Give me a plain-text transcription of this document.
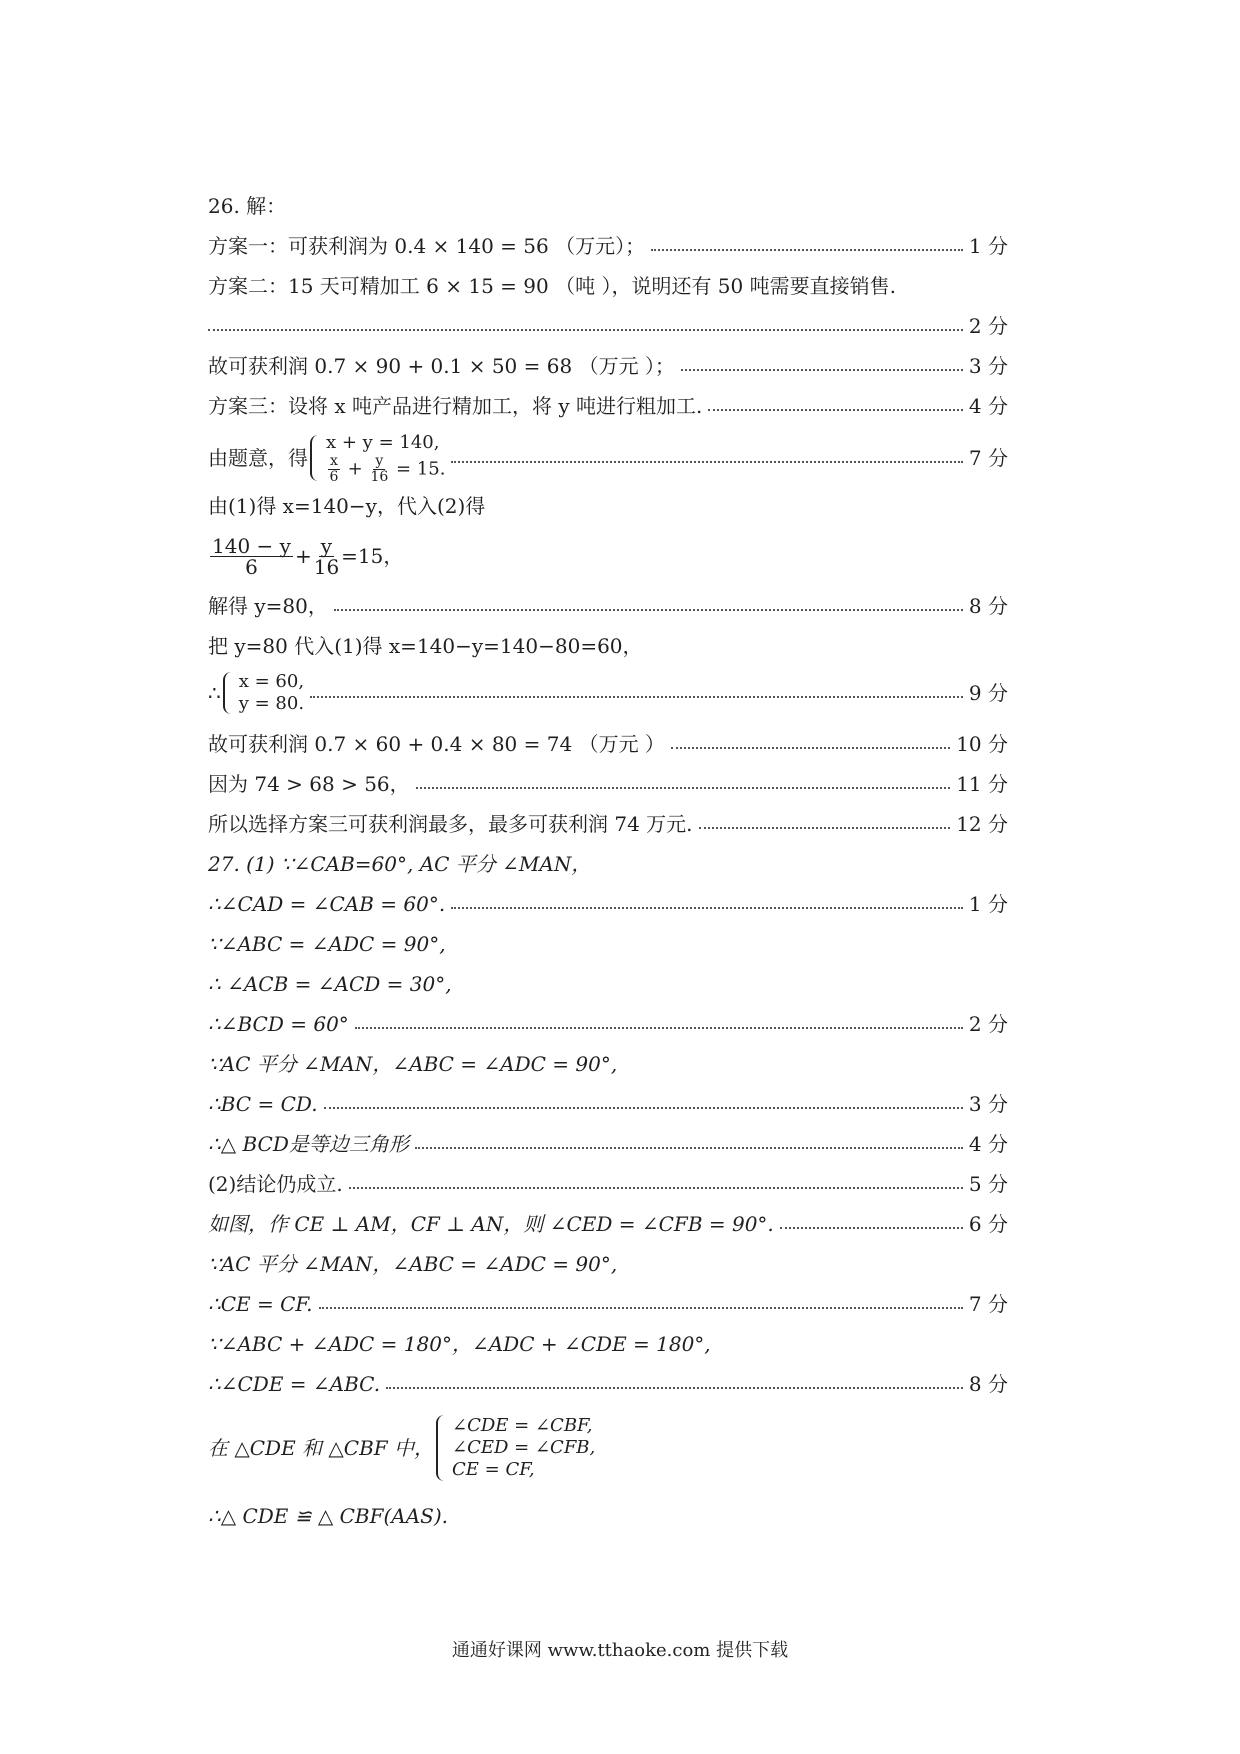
26. 解：
方案一：可获利润为 0.4 × 140 = 56 （万元）；	1 分
方案二：15 天可精加工 6 × 15 = 90 （吨 ），说明还有 50 吨需要直接销售.
2 分
故可获利润 0.7 × 90 + 0.1 × 50 = 68 （万元 ）；	3 分
方案三：设将 x 吨产品进行精加工，将 y 吨进行粗加工.	4 分
由题意，得
x + y = 140,
$\frac{x}{6} + \frac{y}{16} = 15$.	7 分
由(1)得 x=140−y，代入(2)得
$\frac{140 - y}{6} + \frac{y}{16} =15$，
解得 y=80，	8 分
把 y=80 代入(1)得 x=140−y=140−80=60，
∴ x = 60,
y = 80.	9 分
故可获利润 0.7 × 60 + 0.4 × 80 = 74 （万元 ）	10 分
因为 74 > 68 > 56，	11 分
所以选择方案三可获利润最多，最多可获利润 74 万元.	12 分
27. (1) ∵∠CAB=60°, AC 平分 ∠MAN，
∴∠CAD = ∠CAB = 60°.	1 分
∵∠ABC = ∠ADC = 90°,
∴ ∠ACB = ∠ACD = 30°,
∴∠BCD = 60°	2 分
∵AC 平分 ∠MAN，∠ABC = ∠ADC = 90°,
∴BC = CD.	3 分
∴△ BCD是等边三角形	4 分
(2)结论仍成立.	5 分
如图，作 CE ⊥ AM，CF ⊥ AN，则 ∠CED = ∠CFB = 90°.	6 分
∵AC 平分 ∠MAN，∠ABC = ∠ADC = 90°,
∴CE = CF.	7 分
∵∠ABC + ∠ADC = 180°，∠ADC + ∠CDE = 180°,
∴∠CDE = ∠ABC.	8 分
在 △CDE 和 △CBF 中，
∠CDE = ∠CBF,
∠CED = ∠CFB,
CE = CF,
∴△ CDE ≌ △ CBF(AAS).
通通好课网 www.tthaoke.com 提供下载
